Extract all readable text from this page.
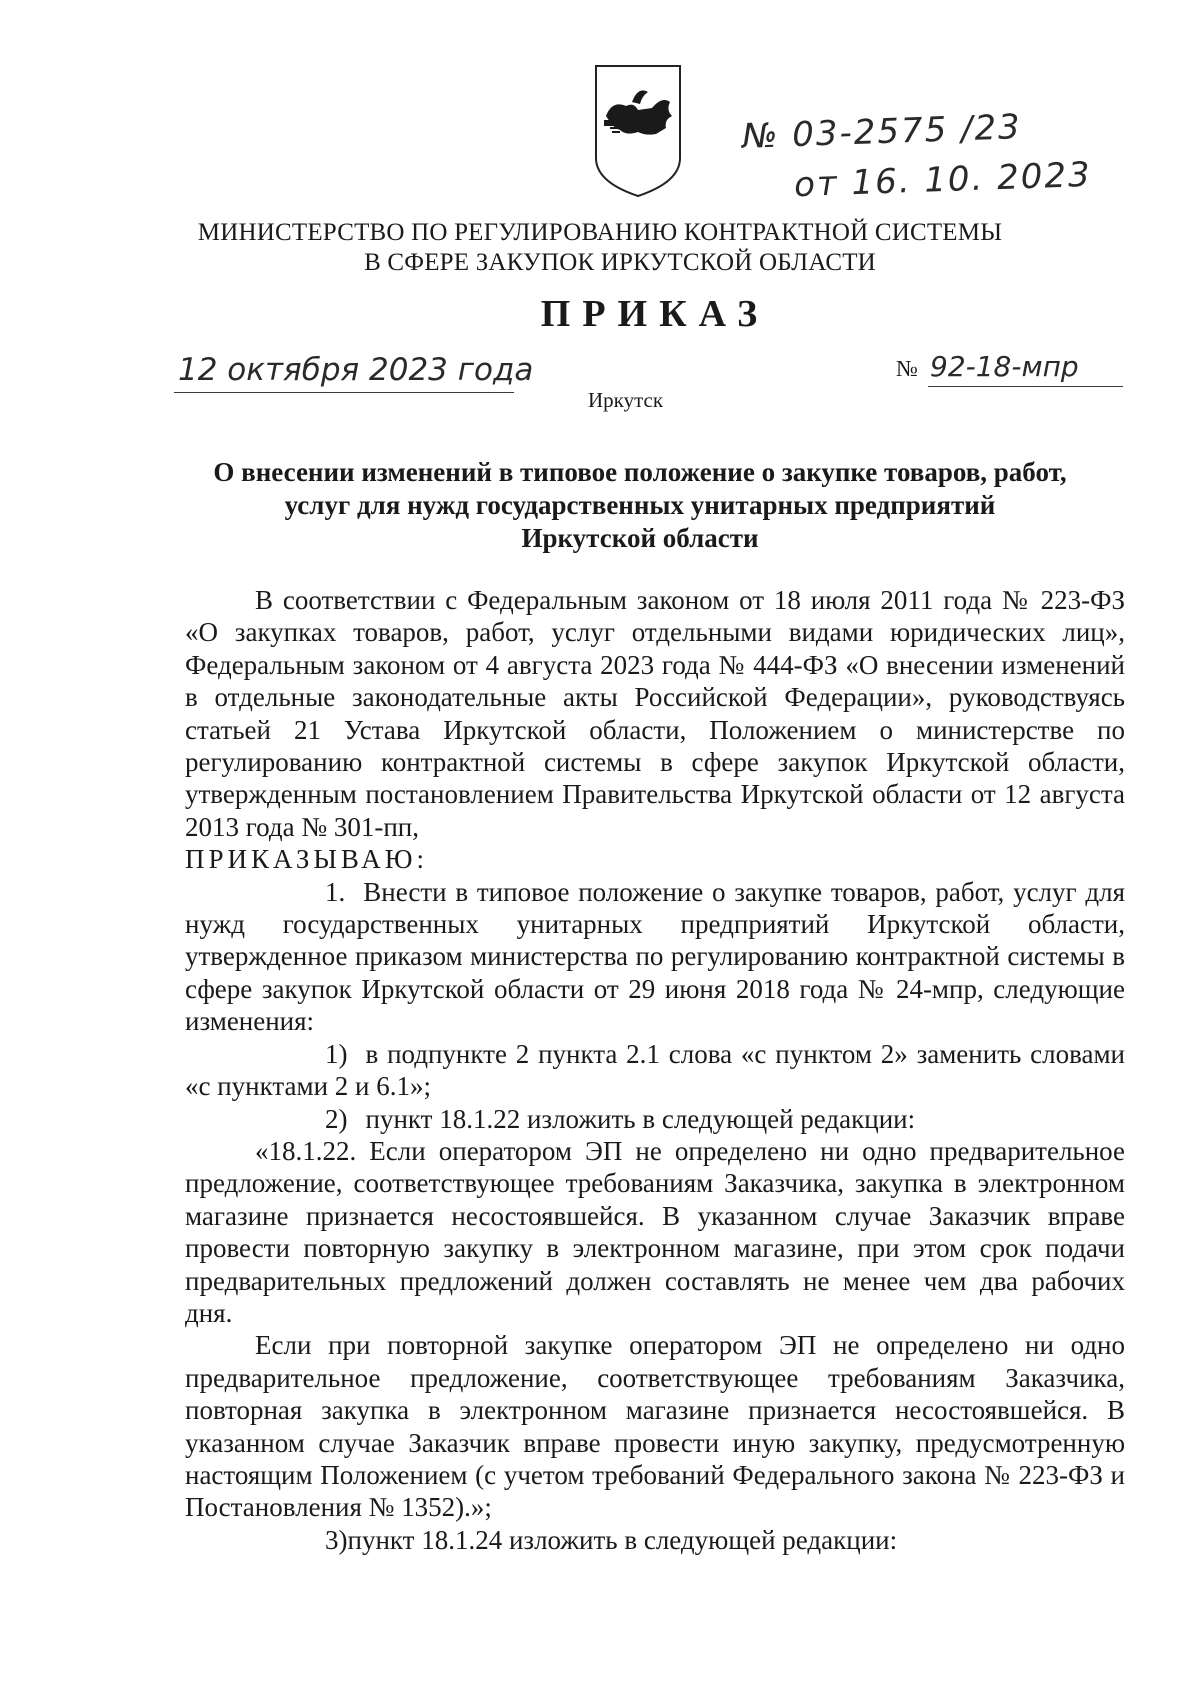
№ 03-2575 /23
от 16. 10. 2023
МИНИСТЕРСТВО ПО РЕГУЛИРОВАНИЮ КОНТРАКТНОЙ СИСТЕМЫ
В СФЕРЕ ЗАКУПОК ИРКУТСКОЙ ОБЛАСТИ
ПРИКАЗ
12 октября 2023 года
Иркутск
№ 92-18-мпр
О внесении изменений в типовое положение о закупке товаров, работ,
услуг для нужд государственных унитарных предприятий
Иркутской области

В соответствии с Федеральным законом от 18 июля 2011 года № 223-ФЗ «О закупках товаров, работ, услуг отдельными видами юридических лиц», Федеральным законом от 4 августа 2023 года № 444-ФЗ «О внесении изменений в отдельные законодательные акты Российской Федерации», руководствуясь статьей 21 Устава Иркутской области, Положением о министерстве по регулированию контрактной системы в сфере закупок Иркутской области, утвержденным постановлением Правительства Иркутской области от 12 августа 2013 года № 301-пп,

ПРИКАЗЫВАЮ:

1. Внести в типовое положение о закупке товаров, работ, услуг для нужд государственных унитарных предприятий Иркутской области, утвержденное приказом министерства по регулированию контрактной системы в сфере закупок Иркутской области от 29 июня 2018 года № 24-мпр, следующие изменения:

1) в подпункте 2 пункта 2.1 слова «с пунктом 2» заменить словами «с пунктами 2 и 6.1»;

2) пункт 18.1.22 изложить в следующей редакции:

«18.1.22. Если оператором ЭП не определено ни одно предварительное предложение, соответствующее требованиям Заказчика, закупка в электронном магазине признается несостоявшейся. В указанном случае Заказчик вправе провести повторную закупку в электронном магазине, при этом срок подачи предварительных предложений должен составлять не менее чем два рабочих дня.

Если при повторной закупке оператором ЭП не определено ни одно предварительное предложение, соответствующее требованиям Заказчика, повторная закупка в электронном магазине признается несостоявшейся. В указанном случае Заказчик вправе провести иную закупку, предусмотренную настоящим Положением (с учетом требований Федерального закона № 223-ФЗ и Постановления № 1352).»;

3)пункт 18.1.24 изложить в следующей редакции:
